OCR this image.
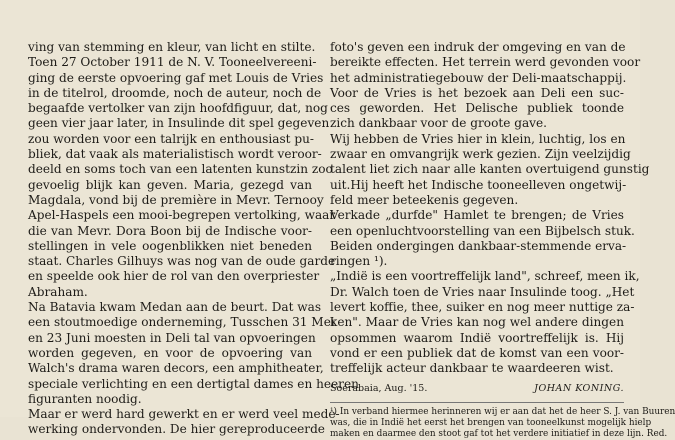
ving van stemming en kleur, van licht en stilte.
Toen 27 October 1911 de N. V. Tooneelvereeni-
ging de eerste opvoering gaf met Louis de Vries
in de titelrol, droomde, noch de auteur, noch de
begaafde vertolker van zijn hoofdfiguur, dat, nog
geen vier jaar later, in Insulinde dit spel gegeven
zou worden voor een talrijk en enthousiast pu-
bliek, dat vaak als materialistisch wordt veroor-
deeld en soms toch van een latenten kunstzin zoo
gevoelig blijk kan geven. Maria, gezegd van
Magdala, vond bij de première in Mevr. Ternooy
Apel-Haspels een mooi-begrepen vertolking, waar
die van Mevr. Dora Boon bij de Indische voor-
stellingen in vele oogenblikken niet beneden
staat. Charles Gilhuys was nog van de oude garde
en speelde ook hier de rol van den overpriester
Abraham.
Na Batavia kwam Medan aan de beurt. Dat was
een stoutmoedige onderneming, Tusschen 31 Mei
en 23 Juni moesten in Deli tal van opvoeringen
worden gegeven, en voor de opvoering van
Walch's drama waren decors, een amphitheater,
speciale verlichting en een dertigtal dames en heeren
figuranten noodig.
Maar er werd hard gewerkt en er werd veel mede-
werking ondervonden. De hier gereproduceerde
foto's geven een indruk der omgeving en van de
bereikte effecten. Het terrein werd gevonden voor
het administratiegebouw der Deli-maatschappij.
Voor de Vries is het bezoek aan Deli een suc-
ces geworden. Het Delische publiek toonde
zich dankbaar voor de groote gave.
Wij hebben de Vries hier in klein, luchtig, los en
zwaar en omvangrijk werk gezien. Zijn veelzijdig
talent liet zich naar alle kanten overtuigend gunstig
uit.Hij heeft het Indische tooneelleven ongetwij-
feld meer beteekenis gegeven.
Verkade „durfde" Hamlet te brengen; de Vries
een openluchtvoorstelling van een Bijbelsch stuk.
Beiden ondergingen dankbaar-stemmende erva-
ringen ¹).
„Indië is een voortreffelijk land", schreef, meen ik,
Dr. Walch toen de Vries naar Insulinde toog. „Het
levert koffie, thee, suiker en nog meer nuttige za-
ken". Maar de Vries kan nog wel andere dingen
opsommen waarom Indië voortreffelijk is. Hij
vond er een publiek dat de komst van een voor-
treffelijk acteur dankbaar te waardeeren wist.
Soerabaia, Aug. '15.	JOHAN KONING.
¹) In verband hiermee herinneren wij er aan dat het de heer S. J. van Buuren
was, die in Indië het eerst het brengen van tooneelkunst mogelijk hielp
maken en daarmee den stoot gaf tot het verdere initiatief in deze lijn. Red.
